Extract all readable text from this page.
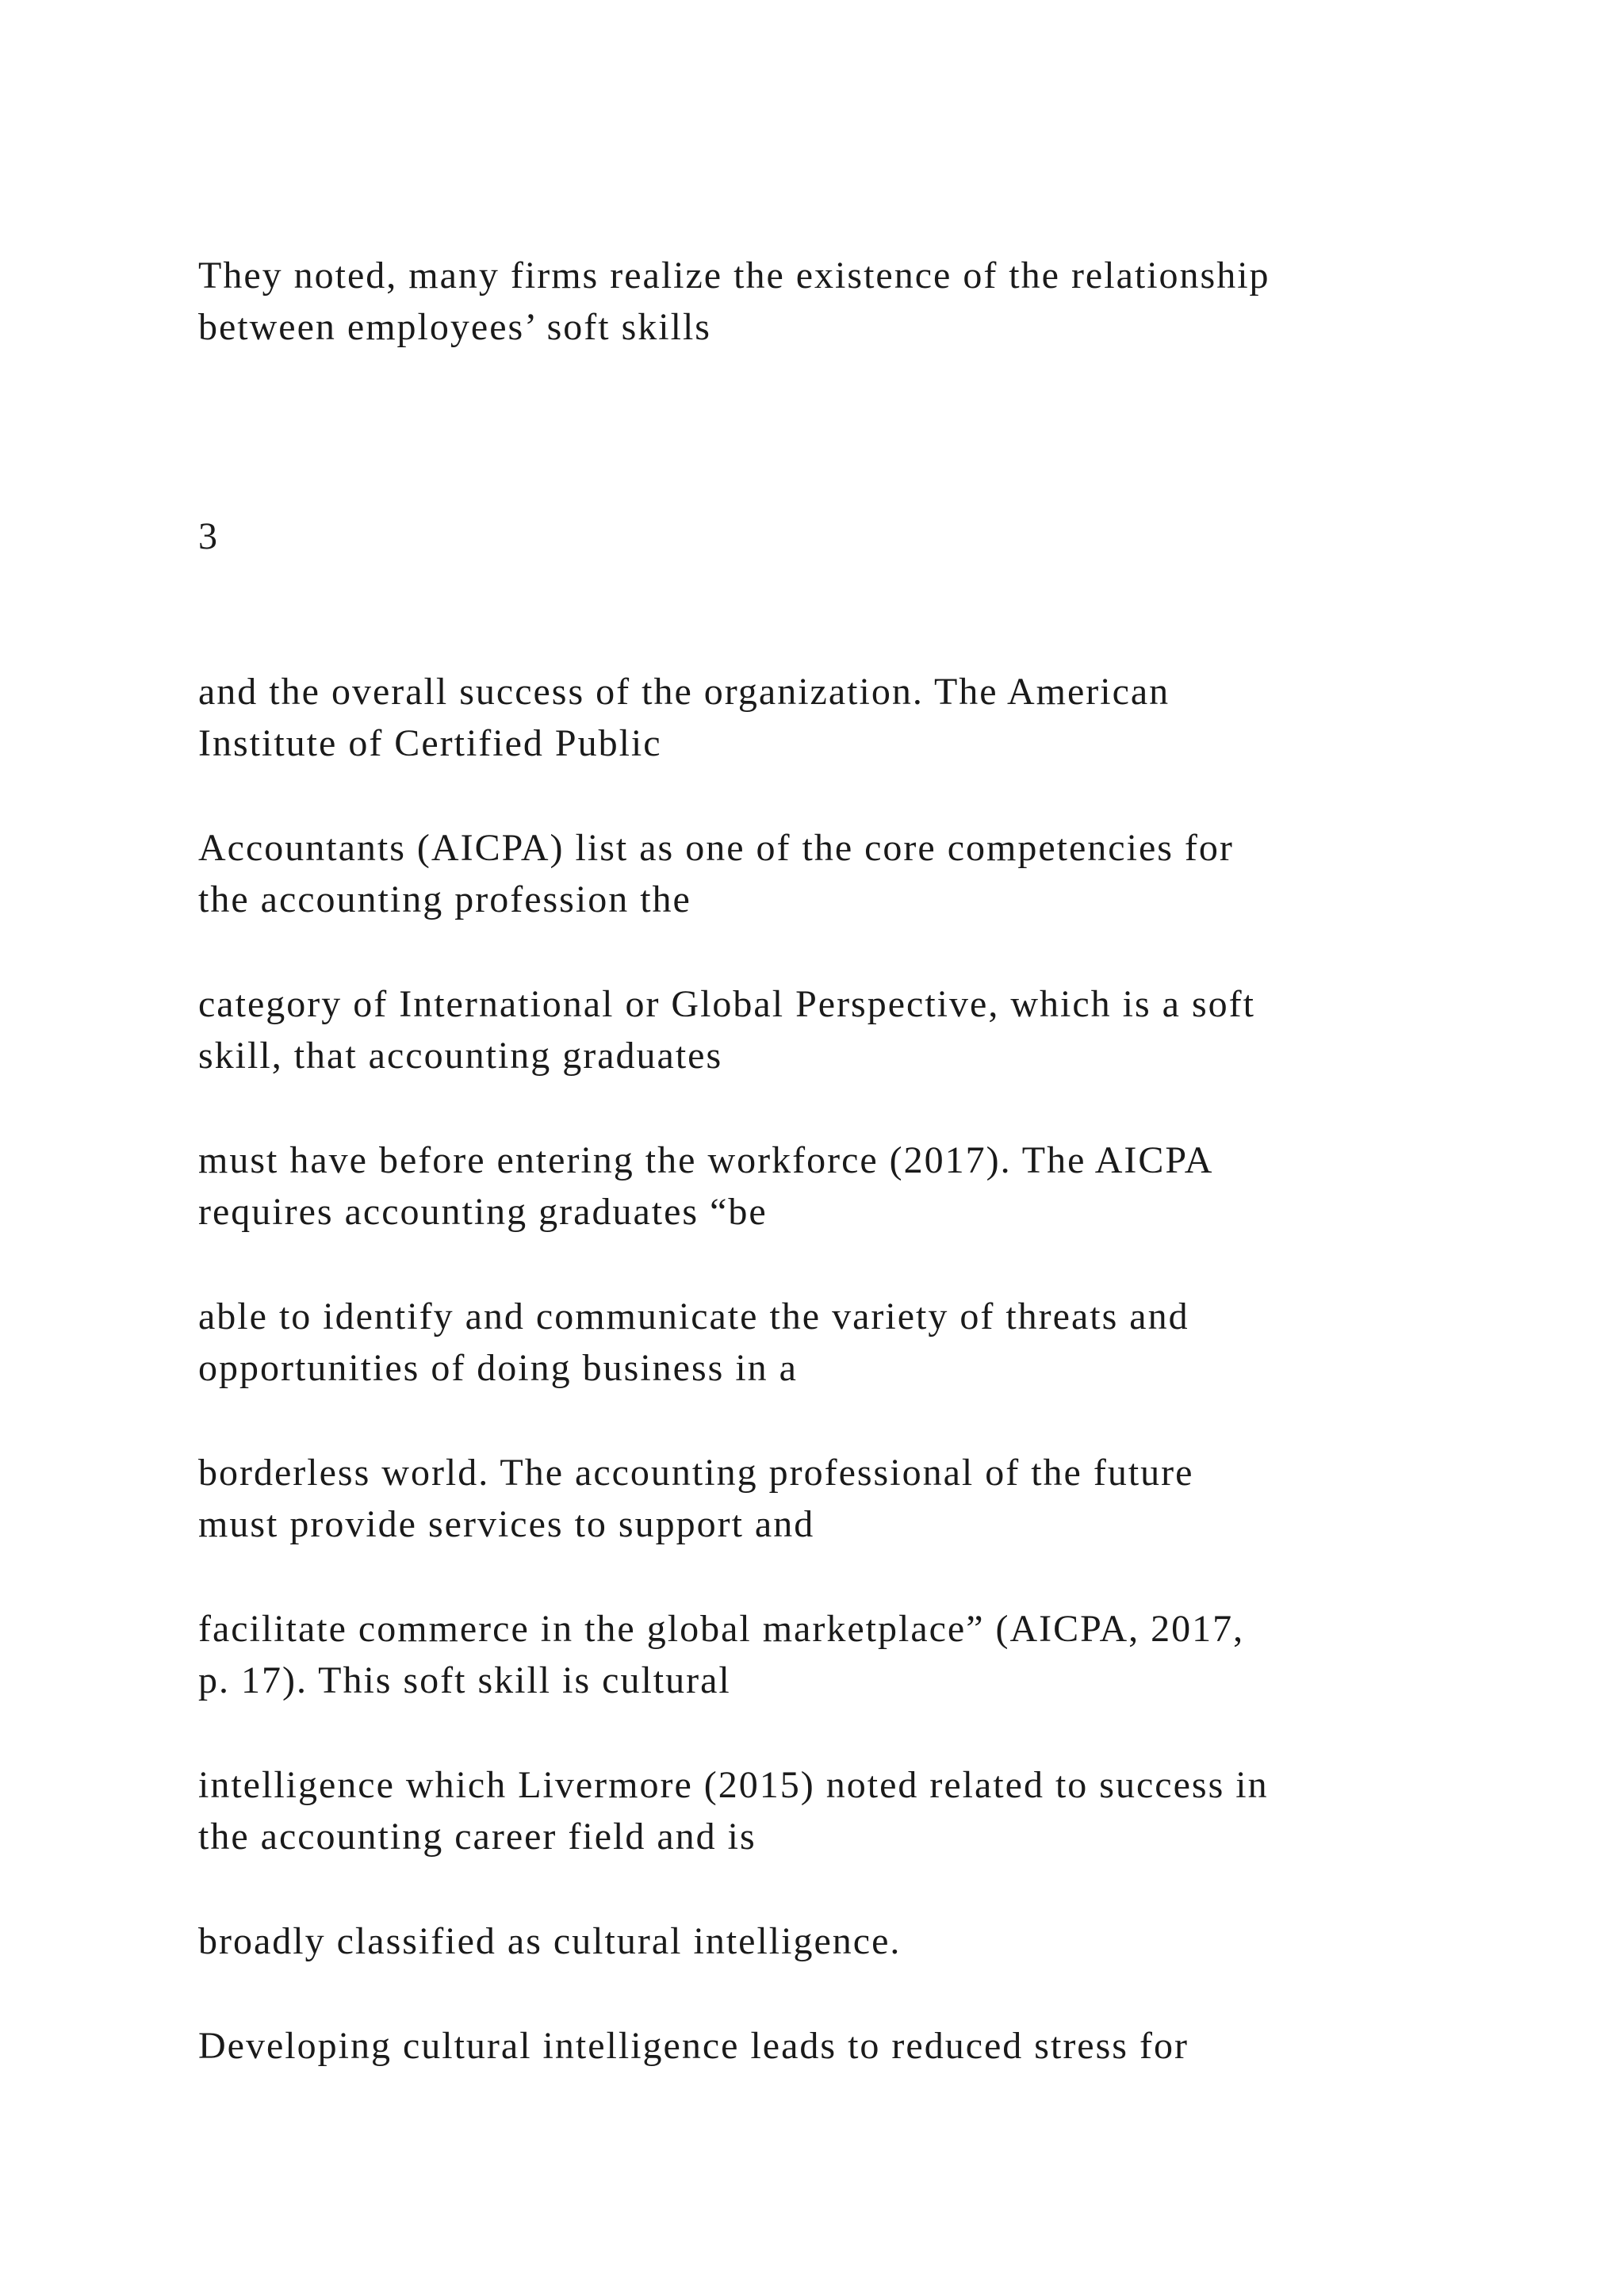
They noted, many firms realize the existence of the relationship

between employees’ soft skills

3

and the overall success of the organization. The American

Institute of Certified Public

Accountants (AICPA) list as one of the core competencies for

the accounting profession the

category of International or Global Perspective, which is a soft

skill, that accounting graduates

must have before entering the workforce (2017). The AICPA

requires accounting graduates “be

able to identify and communicate the variety of threats and

opportunities of doing business in a

borderless world. The accounting professional of the future

must provide services to support and

facilitate commerce in the global marketplace” (AICPA, 2017,

p. 17). This soft skill is cultural

intelligence which Livermore (2015) noted related to success in

the accounting career field and is

broadly classified as cultural intelligence.

Developing cultural intelligence leads to reduced stress for
